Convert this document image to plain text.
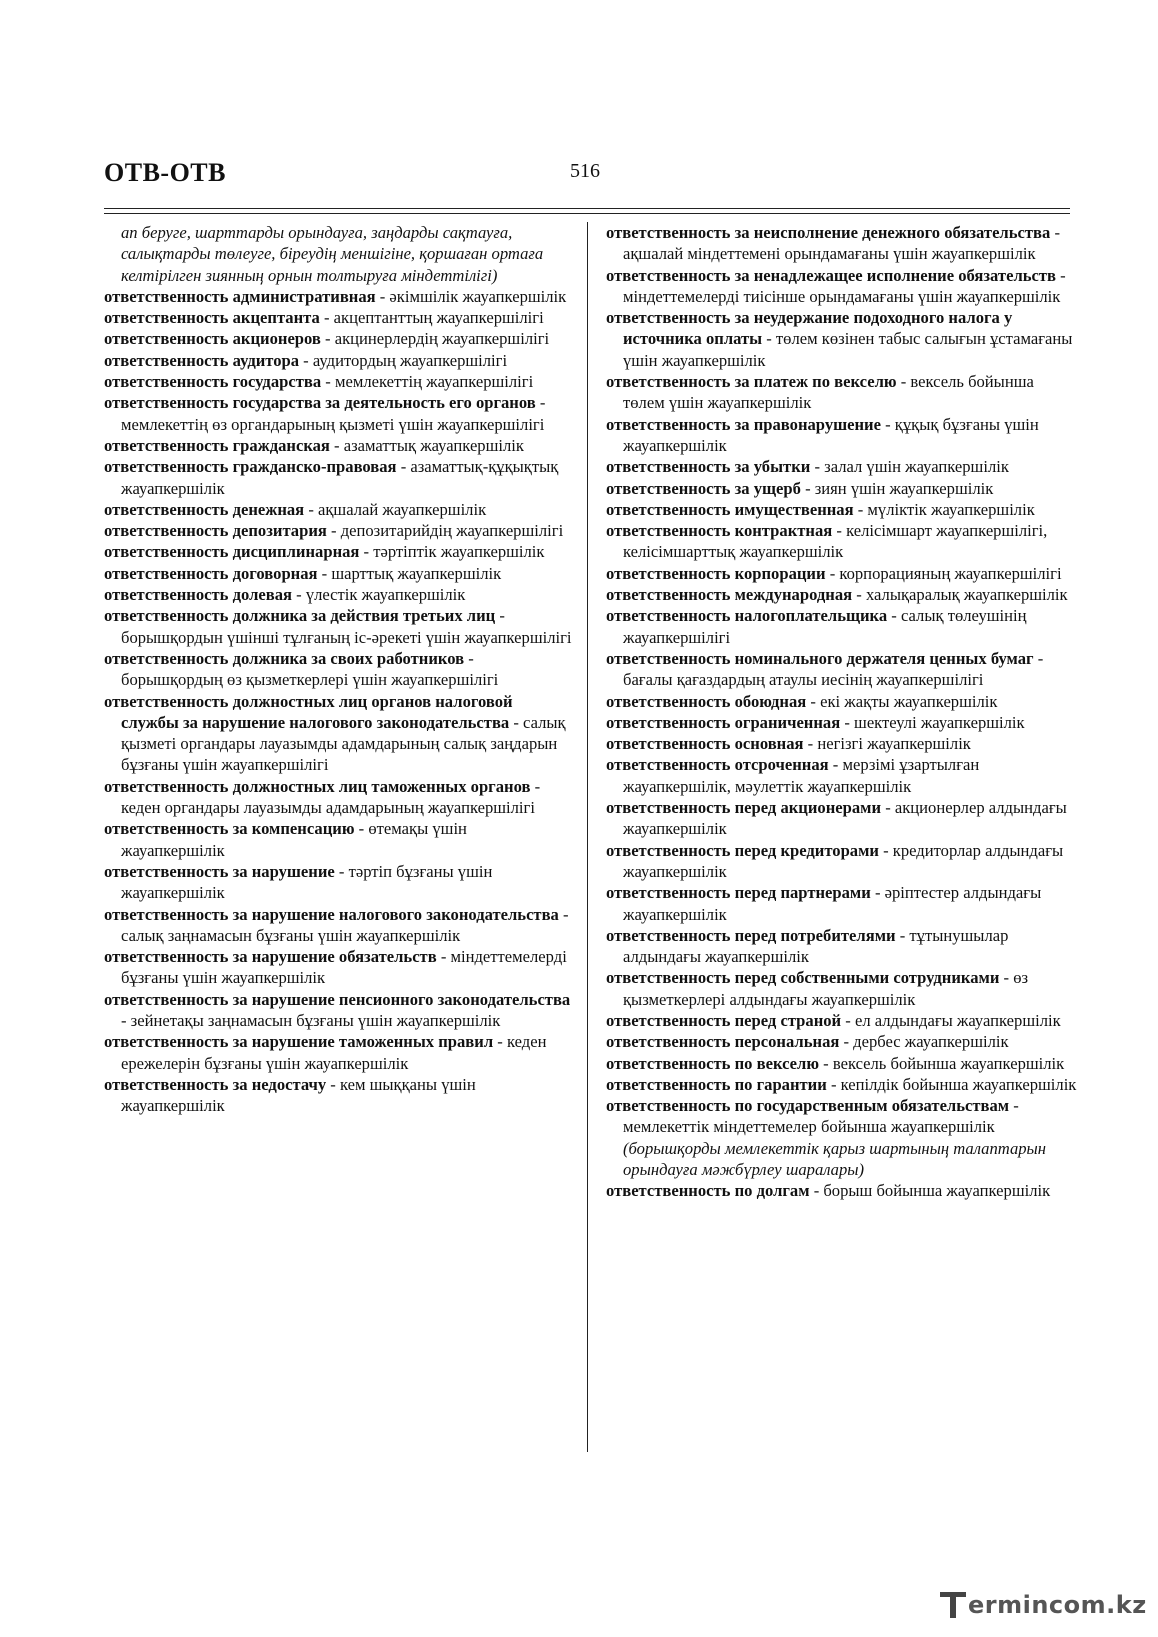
ОТВ-ОТВ	516
ап беруге, шарттарды орындауға, заңдарды сақтауға, салықтарды төлеуге, біреудің меншігіне, қоршаған ортаға келтірілген зиянның орнын толтыруға міндеттілігі)
ответственность административная - әкімшілік жауапкершілік
ответственность акцептанта - акцептанттың жауапкершілігі
ответственность акционеров - акцинерлердің жауапкершілігі
ответственность аудитора - аудитордың жауапкершілігі
ответственность государства - мемлекеттің жауапкершілігі
ответственность государства за деятельность его органов - мемлекеттің өз органдарының қызметі үшін жауапкершілігі
ответственность гражданская - азаматтық жауапкершілік
ответственность гражданско-правовая - азаматтық-құқықтық жауапкершілік
ответственность денежная - ақшалай жауапкершілік
ответственность депозитария - депозитарийдің жауапкершілігі
ответственность дисциплинарная - тәртіптік жауапкершілік
ответственность договорная - шарттық жауапкершілік
ответственность долевая - үлестік жауапкершілік
ответственность должника за действия третьих лиц - борышқордын үшінші тұлғаның іс-әрекеті үшін жауапкершілігі
ответственность должника за своих работников - борышқордың өз қызметкерлері үшін жауапкершілігі
ответственность должностных лиц органов налоговой службы за нарушение налогового законодательства - салық қызметі органдары лауазымды адамдарының салық заңдарын бұзғаны үшін жауапкершілігі
ответственность должностных лиц таможенных органов - кеден органдары лауазымды адамдарының жауапкершілігі
ответственность за компенсацию - өтемақы үшін жауапкершілік
ответственность за нарушение - тәртіп бұзғаны үшін жауапкершілік
ответственность за нарушение налогового законодательства - салық заңнамасын бұзғаны үшін жауапкершілік
ответственность за нарушение обязательств - міндеттемелерді бұзғаны үшін жауапкершілік
ответственность за нарушение пенсионного законодательства - зейнетақы заңнамасын бұзғаны үшін жауапкершілік
ответственность за нарушение таможенных правил - кеден ережелерін бұзғаны үшін жауапкершілік
ответственность за недостачу - кем шыққаны үшін жауапкершілік
ответственность за неисполнение денежного обязательства - ақшалай міндеттемені орындамағаны үшін жауапкершілік
ответственность за ненадлежащее исполнение обязательств - міндеттемелерді тиісінше орындамағаны үшін жауапкершілік
ответственность за неудержание подоходного налога у источника оплаты - төлем көзінен табыс салығын ұстамағаны үшін жауапкершілік
ответственность за платеж по векселю - вексель бойынша төлем үшін жауапкершілік
ответственность за правонарушение - құқық бұзғаны үшін жауапкершілік
ответственность за убытки - залал үшін жауапкершілік
ответственность за ущерб - зиян үшін жауапкершілік
ответственность имущественная - мүліктік жауапкершілік
ответственность контрактная - келісімшарт жауапкершілігі, келісімшарттық жауапкершілік
ответственность корпорации - корпорацияның жауапкершілігі
ответственность международная - халықаралық жауапкершілік
ответственность налогоплательщика - салық төлеушінің жауапкершілігі
ответственность номинального держателя ценных бумаг - бағалы қағаздардың атаулы иесінің жауапкершілігі
ответственность обоюдная - екі жақты жауапкершілік
ответственность ограниченная - шектеулі жауапкершілік
ответственность основная - негізгі жауапкершілік
ответственность отсроченная - мерзімі ұзартылған жауапкершілік, мәулеттік жауапкершілік
ответственность перед акционерами - акционерлер алдындағы жауапкершілік
ответственность перед кредиторами - кредиторлар алдындағы жауапкершілік
ответственность перед партнерами - әріптестер алдындағы жауапкершілік
ответственность перед потребителями - тұтынушылар алдындағы жауапкершілік
ответственность перед собственными сотрудниками - өз қызметкерлері алдындағы жауапкершілік
ответственность перед страной - ел алдындағы жауапкершілік
ответственность персональная - дербес жауапкершілік
ответственность по векселю - вексель бойынша жауапкершілік
ответственность по гарантии - кепілдік бойынша жауапкершілік
ответственность по государственным обязательствам - мемлекеттік міндеттемелер бойынша жауапкершілік (борышқорды мемлекеттік қарыз шартының талаптарын орындауға мәжбүрлеу шаралары)
ответственность по долгам - борыш бойынша жауапкершілік
ermincom.kz
